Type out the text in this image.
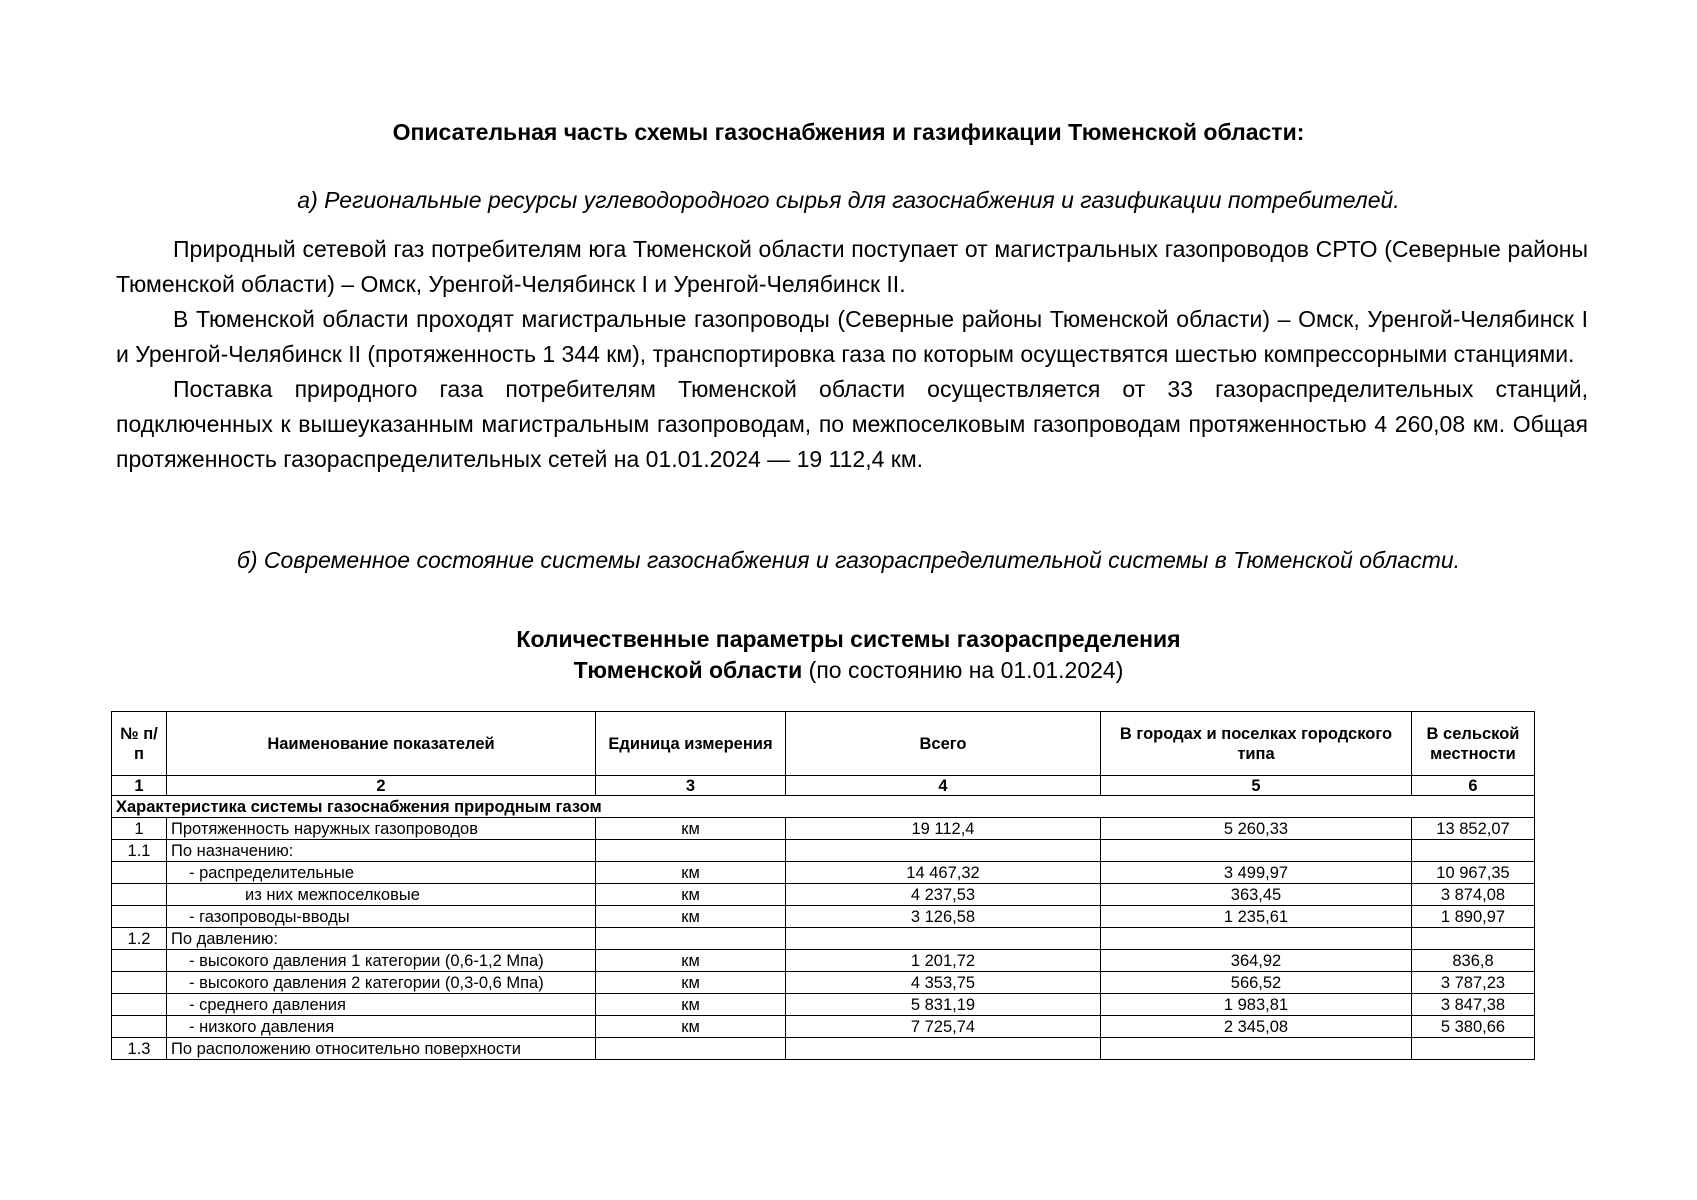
Описательная часть схемы газоснабжения и газификации Тюменской области:
а) Региональные ресурсы углеводородного сырья для газоснабжения и газификации потребителей.

Природный сетевой газ потребителям юга Тюменской области поступает от магистральных газопроводов СРТО (Северные районы Тюменской области) – Омск, Уренгой-Челябинск I и Уренгой-Челябинск II.

В Тюменской области проходят магистральные газопроводы (Северные районы Тюменской области) – Омск, Уренгой-Челябинск I и Уренгой-Челябинск II (протяженность 1 344 км), транспортировка газа по которым осуществятся шестью компрессорными станциями.

Поставка природного газа потребителям Тюменской области осуществляется от 33 газораспределительных станций, подключенных к вышеуказанным магистральным газопроводам, по межпоселковым газопроводам протяженностью 4 260,08 км. Общая протяженность газораспределительных сетей на 01.01.2024 — 19 112,4 км.

б) Современное состояние системы газоснабжения и газораспределительной системы в Тюменской области.
Количественные параметры системы газораспределения
Тюменской области (по состоянию на 01.01.2024)
№ п/п	Наименование показателей	Единица измерения	Всего	В городах и поселках городского типа	В сельской местности
1	2	3	4	5	6
Характеристика системы газоснабжения природным газом					
1	Протяженность наружных газопроводов	км	19 112,4	5 260,33	13 852,07
1.1	По назначению:				
	- распределительные	км	14 467,32	3 499,97	10 967,35
	из них межпоселковые	км	4 237,53	363,45	3 874,08
	- газопроводы-вводы	км	3 126,58	1 235,61	1 890,97
1.2	По давлению:				
	- высокого давления 1 категории (0,6-1,2 Мпа)	км	1 201,72	364,92	836,8
	- высокого давления 2 категории (0,3-0,6 Мпа)	км	4 353,75	566,52	3 787,23
	- среднего давления	км	5 831,19	1 983,81	3 847,38
	- низкого давления	км	7 725,74	2 345,08	5 380,66
1.3	По расположению относительно поверхности				
